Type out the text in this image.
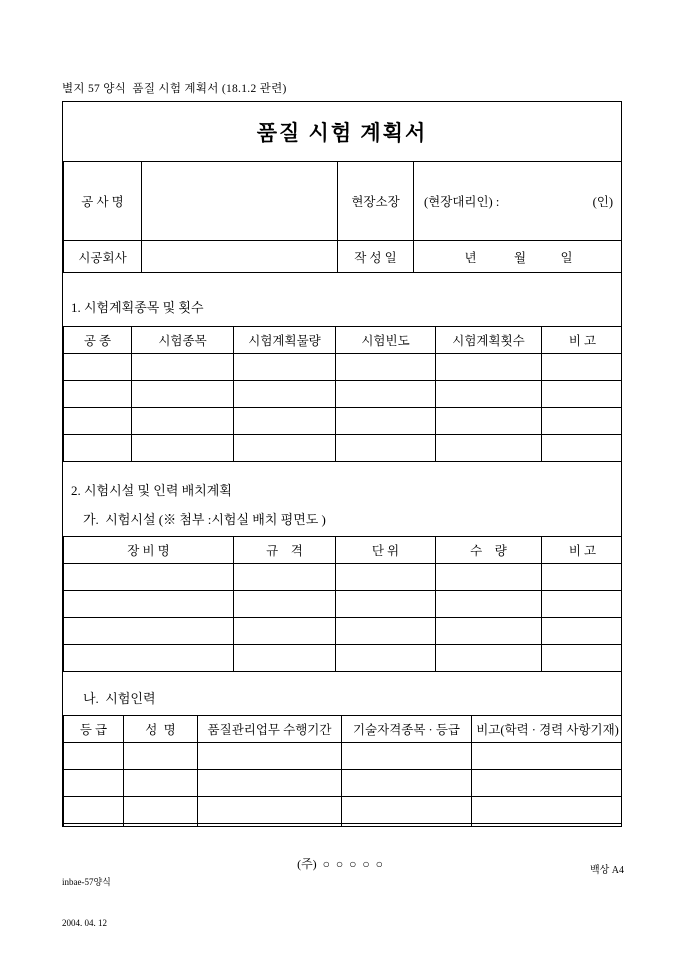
별지 57 양식  품질 시험 계획서 (18.1.2 관련)
품질 시험 계획서
공 사 명		현장소장	(현장대리인) : (인)

시공회사		작 성 일	년            월           일
1. 시험계획종목 및 횟수
공 종	시험종목	시험계획물량	시험빈도	시험계획횟수	비 고

2. 시험시설 및 인력 배치계획
가.  시험시설 (※ 첨부 :시험실 배치 평면도 )
장 비 명	규    격	단 위	수    량	비 고

나.  시험인력
등 급	성  명	품질관리업무 수행기간	기술자격종목 · 등급	비고(학력 · 경력 사항기재)

inbae-57양식

2004. 04. 12

(주)  ○  ○  ○  ○  ○	백상 A4
